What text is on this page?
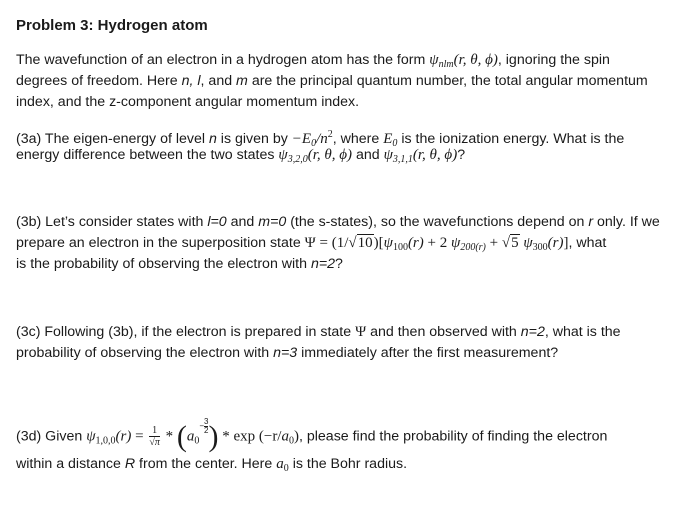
Problem 3: Hydrogen atom
The wavefunction of an electron in a hydrogen atom has the form $\psi_{nlm}(r$, θ, ϕ), ignoring the spin
degrees of freedom. Here n, l, and m are the principal quantum number, the total angular momentum
index, and the z-component angular momentum index.
(3a) The eigen-energy of level n is given by $-E_0/n^2$, where $E_0$ is the ionization energy. What is the
energy difference between the two states $\psi_{3,2,0}(r$, θ, ϕ) and $\psi_{3,1,1}(r$, θ, ϕ)?
(3b) Let’s consider states with l=0 and m=0 (the s-states), so the wavefunctions depend on r only. If we
prepare an electron in the superposition state $\Psi = (1/√10)[\psi_{100}(r) + 2$ $\psi_{200(r)} + √5$ $\psi_{300}(r)$], what
is the probability of observing the electron with n=2?
(3c) Following (3b), if the electron is prepared in state Ψ and then observed with n=2, what is the
probability of observing the electron with n=3 immediately after the first measurement?
(3d) Given $\psi_{1,0,0}(r) = \frac{1}{√\pi} * (a_0- \frac{3}{2}$ ) * $\exp (-r/a_0)$, please find the probability of finding the electron
within a distance R from the center. Here $a_0$ is the Bohr radius.
